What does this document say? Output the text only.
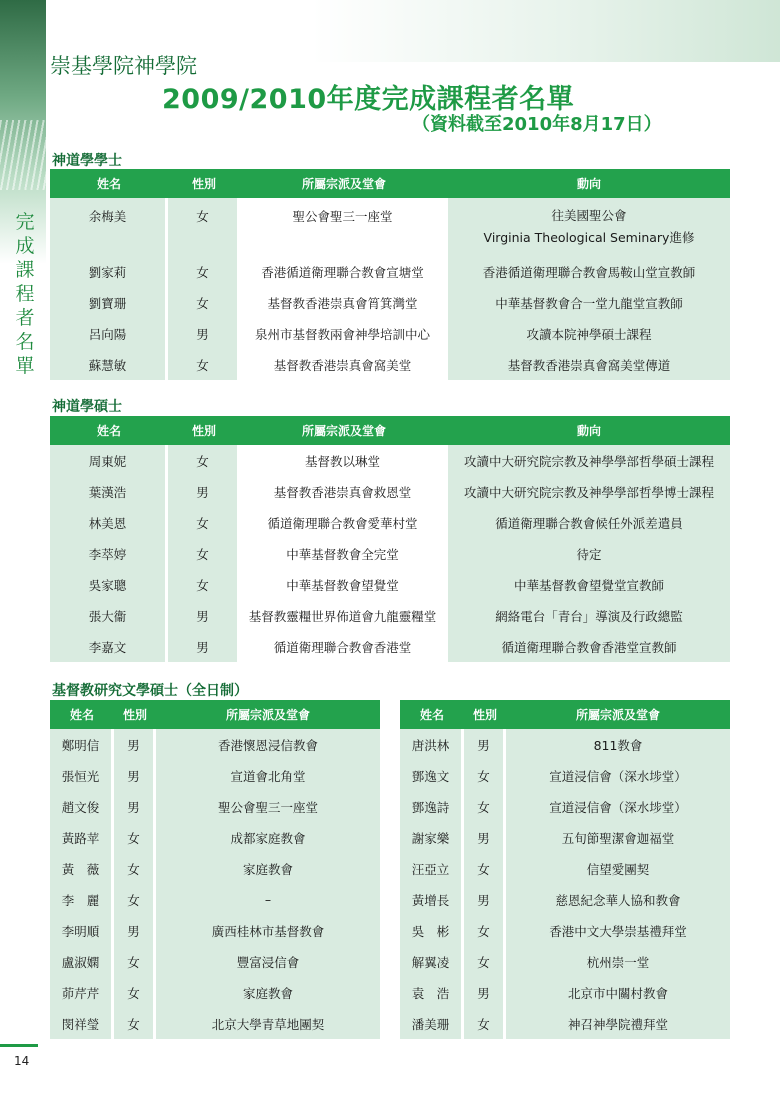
完
成
課
程
者
名
單
崇基學院神學院
2009/2010年度完成課程者名單
（資料截至2010年8月17日）
神道學學士
姓名	性別	所屬宗派及堂會	動向
余梅美	女	聖公會聖三一座堂	往美國聖公會
Virginia Theological Seminary進修

劉家莉	女	香港循道衛理聯合教會宣塘堂	香港循道衛理聯合教會馬鞍山堂宣教師
劉寶珊	女	基督教香港崇真會筲箕灣堂	中華基督教會合一堂九龍堂宣教師
呂向陽	男	泉州市基督教兩會神學培訓中心	攻讀本院神學碩士課程
蘇慧敏	女	基督教香港崇真會窩美堂	基督教香港崇真會窩美堂傳道
神道學碩士
姓名	性別	所屬宗派及堂會	動向
周東妮	女	基督教以琳堂	攻讀中大研究院宗教及神學學部哲學碩士課程
葉漢浩	男	基督教香港崇真會救恩堂	攻讀中大研究院宗教及神學學部哲學博士課程
林美恩	女	循道衛理聯合教會愛華村堂	循道衛理聯合教會候任外派差遣員
李萃婷	女	中華基督教會全完堂	待定
吳家聰	女	中華基督教會望覺堂	中華基督教會望覺堂宣教師
張大衞	男	基督教靈糧世界佈道會九龍靈糧堂	網絡電台「青台」導演及行政總監
李嘉文	男	循道衛理聯合教會香港堂	循道衛理聯合教會香港堂宣教師
基督教研究文學碩士（全日制）
姓名	性別	所屬宗派及堂會
鄭明信	男	香港懷恩浸信教會
張恒光	男	宣道會北角堂
趙文俊	男	聖公會聖三一座堂
黃路苹	女	成都家庭教會
黃　薇	女	家庭教會
李　麗	女	–
李明順	男	廣西桂林市基督教會
盧淑嫻	女	豐富浸信會
茆芹芹	女	家庭教會
閔祥瑩	女	北京大學青草地團契
姓名	性別	所屬宗派及堂會
唐洪林	男	811教會
鄧逸文	女	宣道浸信會（深水埗堂）
鄧逸詩	女	宣道浸信會（深水埗堂）
謝家樂	男	五旬節聖潔會迦福堂
汪亞立	女	信望愛團契
黃增長	男	慈恩紀念華人協和教會
吳　彬	女	香港中文大學崇基禮拜堂
解翼凌	女	杭州崇一堂
袁　浩	男	北京市中關村教會
潘美珊	女	神召神學院禮拜堂
14
